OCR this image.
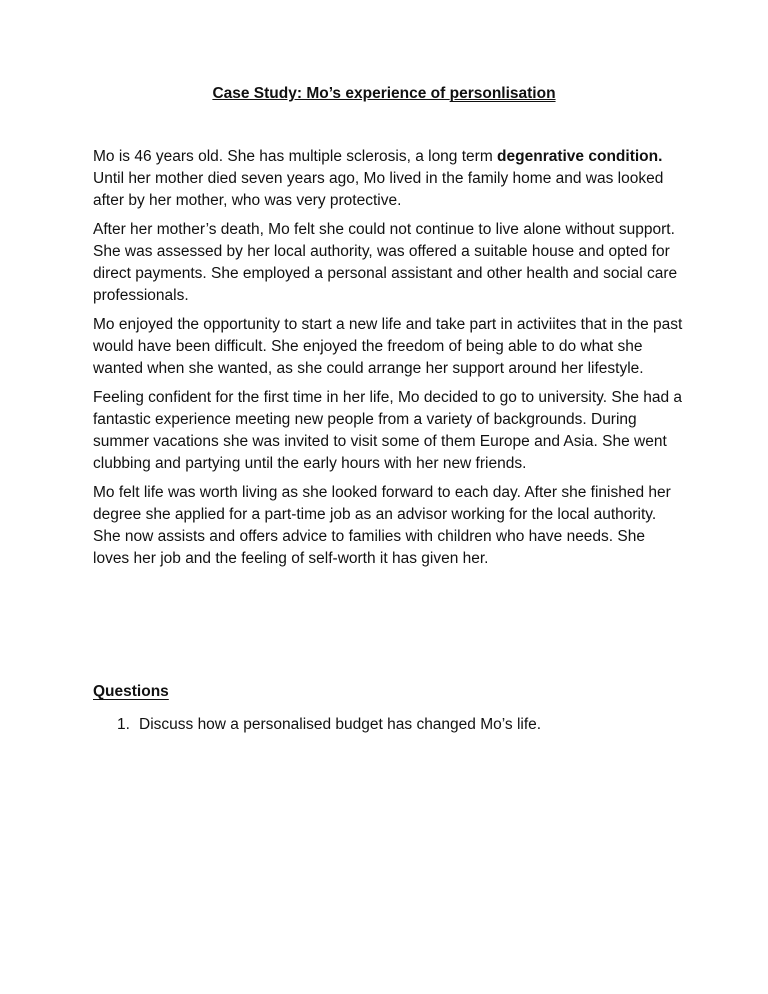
Case Study: Mo’s experience of personlisation

Mo is 46 years old. She has multiple sclerosis, a long term degenrative condition. Until her mother died seven years ago, Mo lived in the family home and was looked after by her mother, who was very protective.

After her mother’s death, Mo felt she could not continue to live alone without support. She was assessed by her local authority, was offered a suitable house and opted for direct payments. She employed a personal assistant and other health and social care professionals.

Mo enjoyed the opportunity to start a new life and take part in activiites that in the past would have been difficult. She enjoyed the freedom of being able to do what she wanted when she wanted, as she could arrange her support around her lifestyle.

Feeling confident for the first time in her life, Mo decided to go to university. She had a fantastic experience meeting new people from a variety of backgrounds. During summer vacations she was invited to visit some of them Europe and Asia. She went clubbing and partying until the early hours with her new friends.

Mo felt life was worth living as she looked forward to each day. After she finished her degree she applied for a part-time job as an advisor working for the local authority. She now assists and offers advice to families with children who have needs. She loves her job and the feeling of self-worth it has given her.

Questions
1. Discuss how a personalised budget has changed Mo’s life.
